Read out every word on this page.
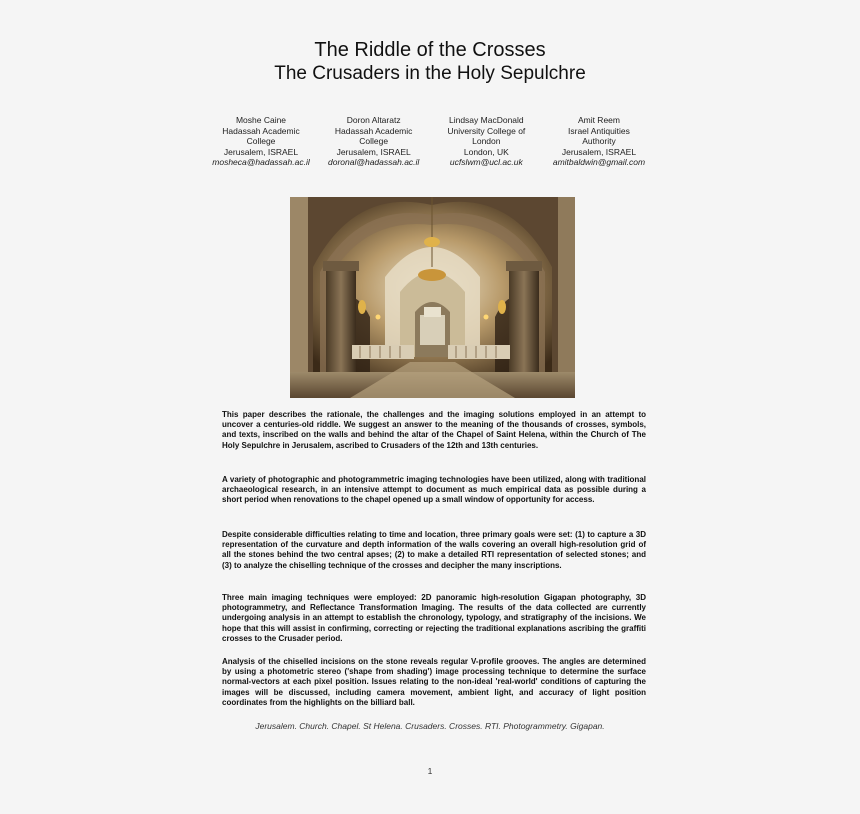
The Riddle of the Crosses
The Crusaders in the Holy Sepulchre
Moshe Caine
Hadassah Academic
College
Jerusalem, ISRAEL
mosheca@hadassah.ac.il
Doron Altaratz
Hadassah Academic
College
Jerusalem, ISRAEL
doronal@hadassah.ac.il
Lindsay MacDonald
University College of
London
London, UK
ucfslwm@ucl.ac.uk
Amit Reem
Israel Antiquities
Authority
Jerusalem, ISRAEL
amitbaldwin@gmail.com

This paper describes the rationale, the challenges and the imaging solutions employed in an attempt to uncover a centuries-old riddle. We suggest an answer to the meaning of the thousands of crosses, symbols, and texts, inscribed on the walls and behind the altar of the Chapel of Saint Helena, within the Church of The Holy Sepulchre in Jerusalem, ascribed to Crusaders of the 12th and 13th centuries.

A variety of photographic and photogrammetric imaging technologies have been utilized, along with traditional archaeological research, in an intensive attempt to document as much empirical data as possible during a short period when renovations to the chapel opened up a small window of opportunity for access.

Despite considerable difficulties relating to time and location, three primary goals were set: (1) to capture a 3D representation of the curvature and depth information of the walls covering an overall high-resolution grid of all the stones behind the two central apses; (2) to make a detailed RTI representation of selected stones; and (3) to analyze the chiselling technique of the crosses and decipher the many inscriptions.

Three main imaging techniques were employed: 2D panoramic high-resolution Gigapan photography, 3D photogrammetry, and Reflectance Transformation Imaging. The results of the data collected are currently undergoing analysis in an attempt to establish the chronology, typology, and stratigraphy of the incisions. We hope that this will assist in confirming, correcting or rejecting the traditional explanations ascribing the graffiti crosses to the Crusader period.

Analysis of the chiselled incisions on the stone reveals regular V-profile grooves. The angles are determined by using a photometric stereo ('shape from shading') image processing technique to determine the surface normal-vectors at each pixel position. Issues relating to the non-ideal 'real-world' conditions of capturing the images will be discussed, including camera movement, ambient light, and accuracy of light position coordinates from the highlights on the billiard ball.

Jerusalem. Church. Chapel. St Helena. Crusaders. Crosses. RTI. Photogrammetry. Gigapan.
1
